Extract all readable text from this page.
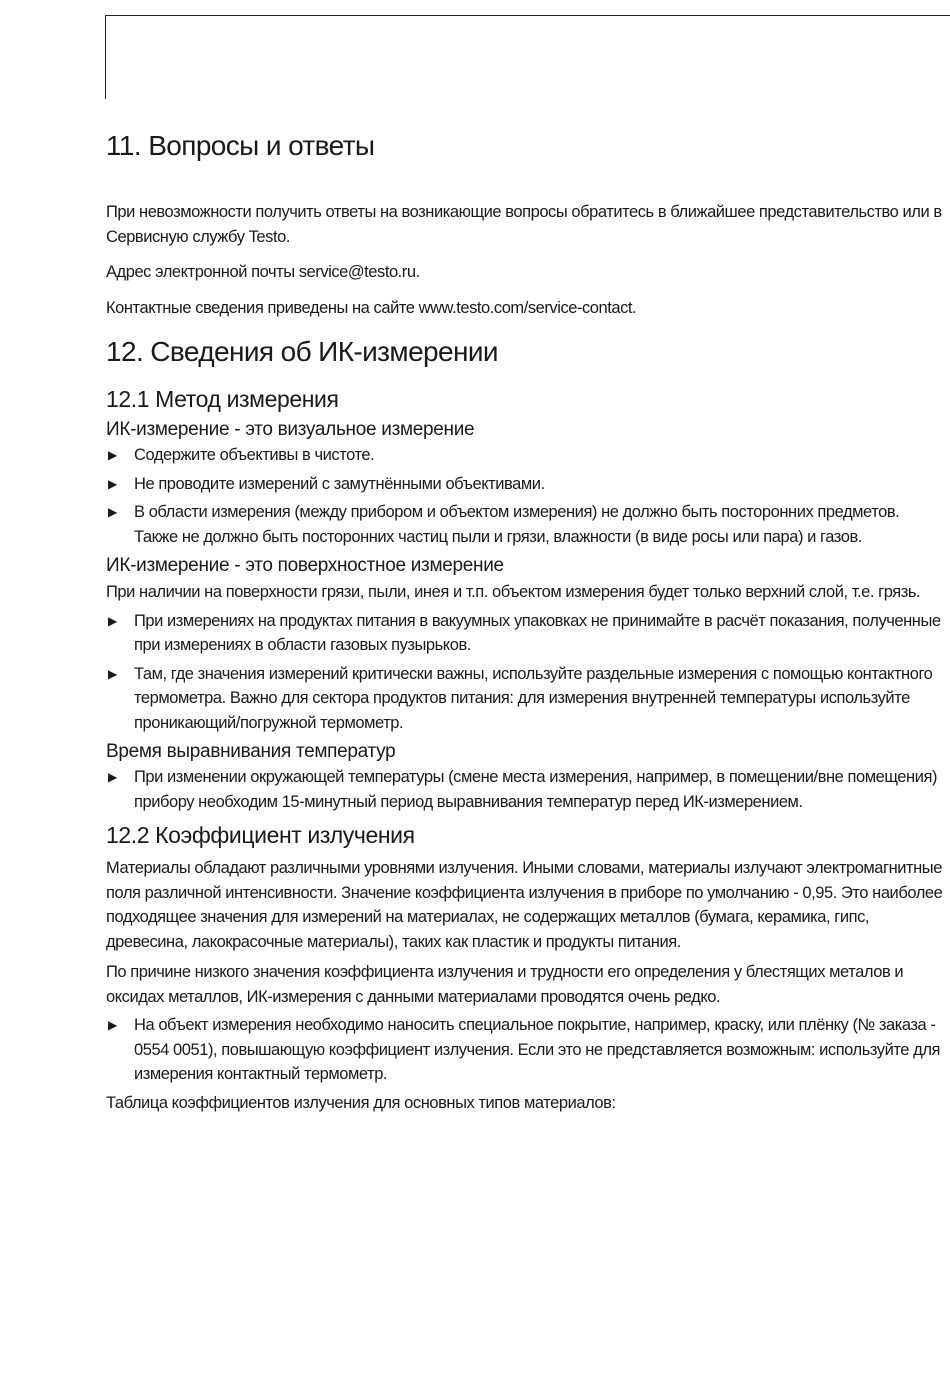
11. Вопросы и ответы

При невозможности получить ответы на возникающие вопросы обратитесь в ближайшее представительство или в Сервисную службу Testo.

Адрес электронной почты service@testo.ru.

Контактные сведения приведены на сайте www.testo.com/service-contact.

12. Сведения об ИК-измерении
12.1 Метод измерения
ИК-измерение - это визуальное измерение
▶ Содержите объективы в чистоте.
▶ Не проводите измерений с замутнёнными объективами.
▶ В области измерения (между прибором и объектом измерения) не должно быть посторонних предметов. Также не должно быть посторонних частиц пыли и грязи, влажности (в виде росы или пара) и газов.
ИК-измерение - это поверхностное измерение

При наличии на поверхности грязи, пыли, инея и т.п. объектом измерения будет только верхний слой, т.е. грязь.

▶ При измерениях на продуктах питания в вакуумных упаковках не принимайте в расчёт показания, полученные при измерениях в области газовых пузырьков.
▶ Там, где значения измерений критически важны, используйте раздельные измерения с помощью контактного термометра. Важно для сектора продуктов питания: для измерения внутренней температуры используйте проникающий/погружной термометр.
Время выравнивания температур
▶ При изменении окружающей температуры (смене места измерения, например, в помещении/вне помещения) прибору необходим 15-минутный период выравнивания температур перед ИК-измерением.
12.2 Коэффициент излучения

Материалы обладают различными уровнями излучения. Иными словами, материалы излучают электромагнитные поля различной интенсивности. Значение коэффициента излучения в приборе по умолчанию - 0,95. Это наиболее подходящее значения для измерений на материалах, не содержащих металлов (бумага, керамика, гипс, древесина, лакокрасочные материалы), таких как пластик и продукты питания.

По причине низкого значения коэффициента излучения и трудности его определения у блестящих металов и оксидах металлов, ИК-измерения с данными материалами проводятся очень редко.

▶ На объект измерения необходимо наносить специальное покрытие, например, краску, или плёнку (№ заказа - 0554 0051), повышающую коэффициент излучения. Если это не представляется возможным: используйте для измерения контактный термометр.

Таблица коэффициентов излучения для основных типов материалов:
